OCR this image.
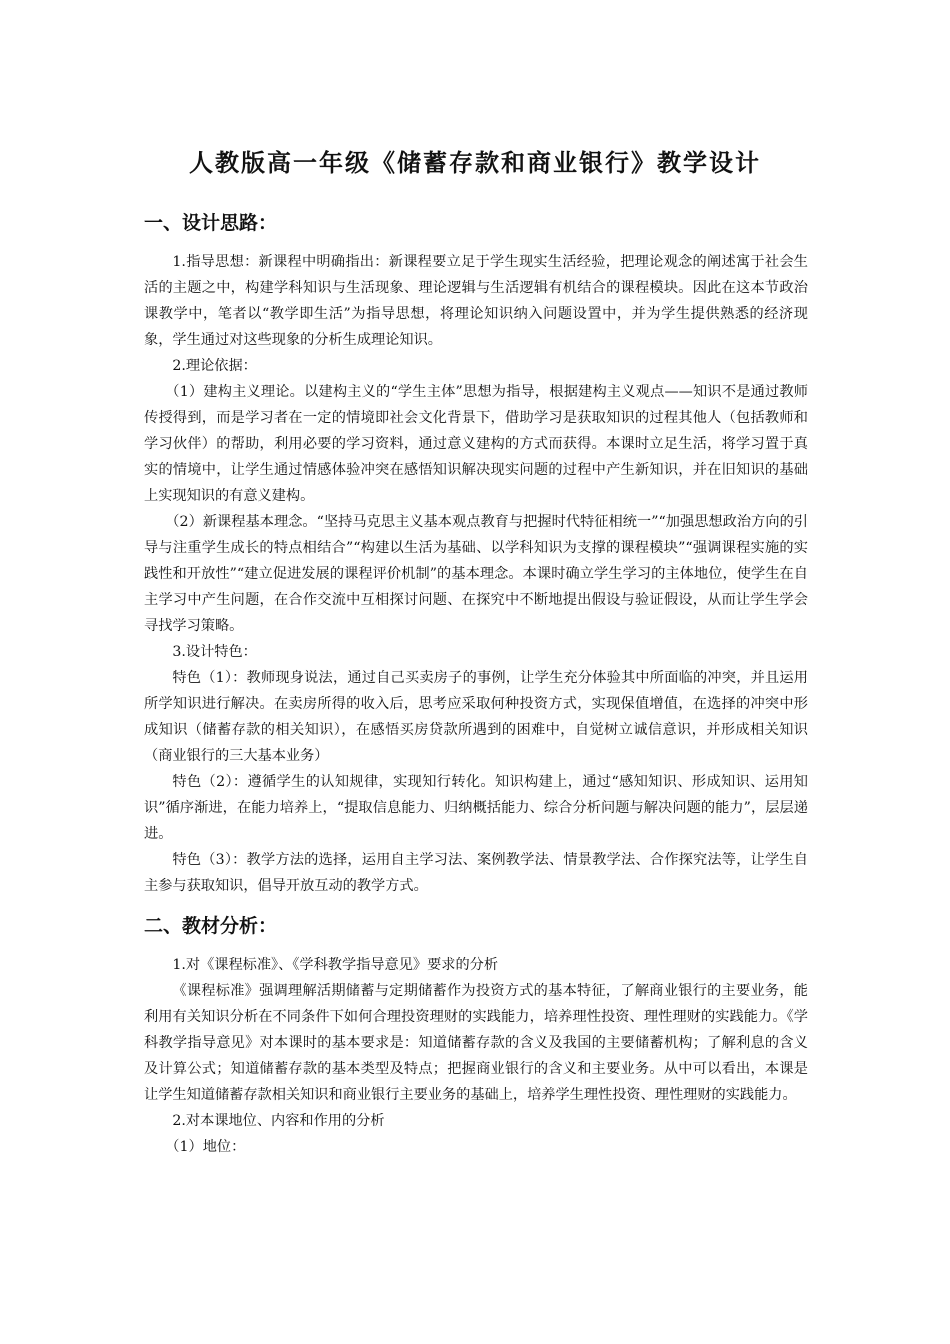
人教版高一年级《储蓄存款和商业银行》教学设计
一、设计思路：

1.指导思想：新课程中明确指出：新课程要立足于学生现实生活经验，把理论观念的阐述寓于社会生活的主题之中，构建学科知识与生活现象、理论逻辑与生活逻辑有机结合的课程模块。因此在这本节政治课教学中，笔者以“教学即生活”为指导思想，将理论知识纳入问题设置中，并为学生提供熟悉的经济现象，学生通过对这些现象的分析生成理论知识。

2.理论依据：

（1）建构主义理论。以建构主义的“学生主体”思想为指导，根据建构主义观点——知识不是通过教师传授得到，而是学习者在一定的情境即社会文化背景下，借助学习是获取知识的过程其他人（包括教师和学习伙伴）的帮助，利用必要的学习资料，通过意义建构的方式而获得。本课时立足生活，将学习置于真实的情境中，让学生通过情感体验冲突在感悟知识解决现实问题的过程中产生新知识，并在旧知识的基础上实现知识的有意义建构。

（2）新课程基本理念。“坚持马克思主义基本观点教育与把握时代特征相统一”“加强思想政治方向的引导与注重学生成长的特点相结合”“构建以生活为基础、以学科知识为支撑的课程模块”“强调课程实施的实践性和开放性”“建立促进发展的课程评价机制”的基本理念。本课时确立学生学习的主体地位，使学生在自主学习中产生问题，在合作交流中互相探讨问题、在探究中不断地提出假设与验证假设，从而让学生学会寻找学习策略。

3.设计特色：

特色（1）：教师现身说法，通过自己买卖房子的事例，让学生充分体验其中所面临的冲突，并且运用所学知识进行解决。在卖房所得的收入后，思考应采取何种投资方式，实现保值增值，在选择的冲突中形成知识（储蓄存款的相关知识），在感悟买房贷款所遇到的困难中，自觉树立诚信意识，并形成相关知识（商业银行的三大基本业务）

特色（2）：遵循学生的认知规律，实现知行转化。知识构建上，通过“感知知识、形成知识、运用知识”循序渐进，在能力培养上，“提取信息能力、归纳概括能力、综合分析问题与解决问题的能力”，层层递进。

特色（3）：教学方法的选择，运用自主学习法、案例教学法、情景教学法、合作探究法等，让学生自主参与获取知识，倡导开放互动的教学方式。

二、教材分析：

1.对《课程标准》、《学科教学指导意见》要求的分析

《课程标准》强调理解活期储蓄与定期储蓄作为投资方式的基本特征，了解商业银行的主要业务，能利用有关知识分析在不同条件下如何合理投资理财的实践能力，培养理性投资、理性理财的实践能力。《学科教学指导意见》对本课时的基本要求是：知道储蓄存款的含义及我国的主要储蓄机构；了解利息的含义及计算公式；知道储蓄存款的基本类型及特点；把握商业银行的含义和主要业务。从中可以看出，本课是让学生知道储蓄存款相关知识和商业银行主要业务的基础上，培养学生理性投资、理性理财的实践能力。

2.对本课地位、内容和作用的分析

（1）地位：
